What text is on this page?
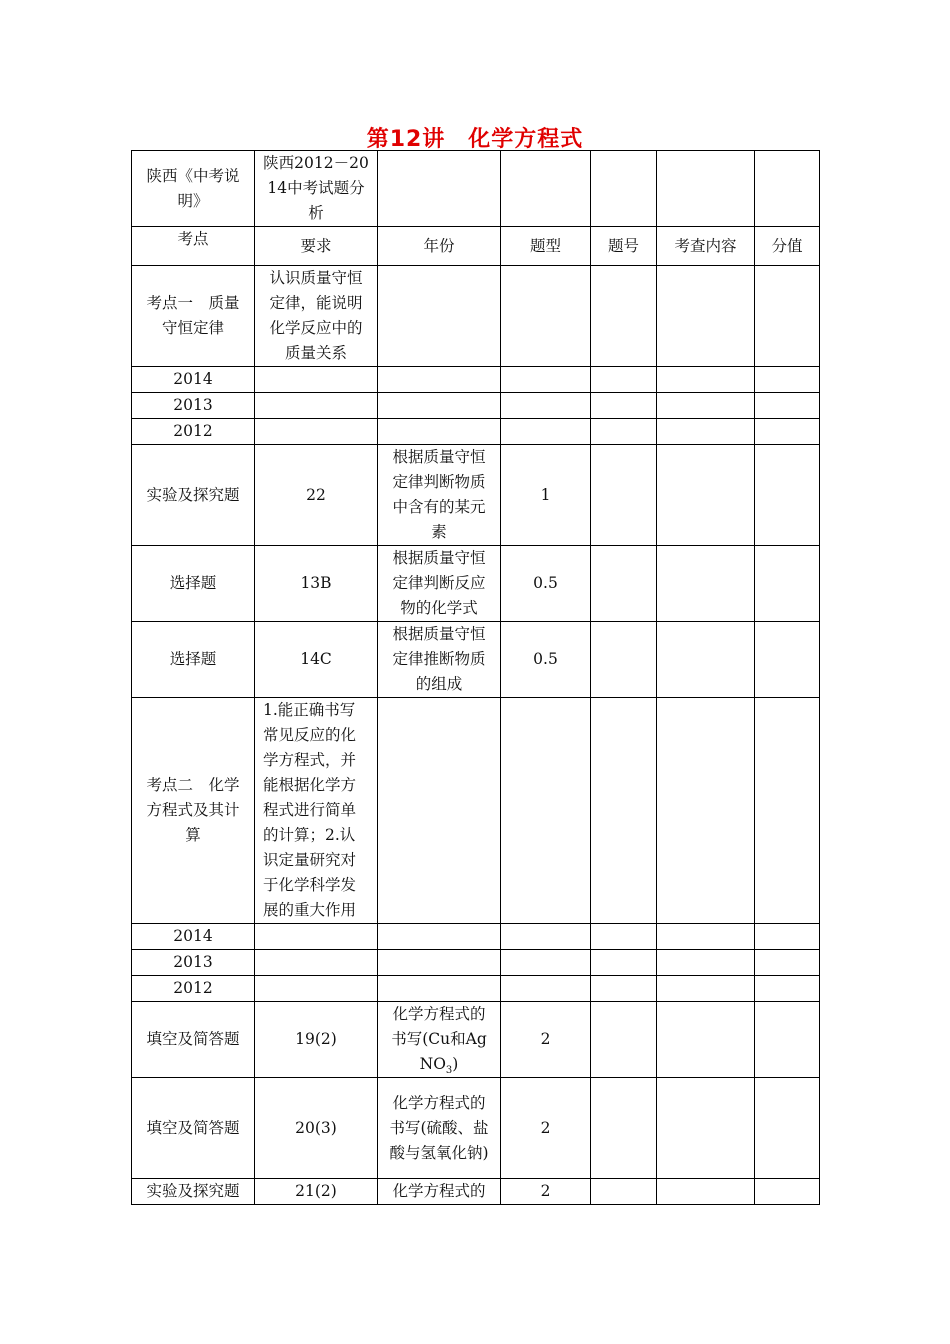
第12讲　化学方程式
陕西《中考说明》	陕西2012－2014中考试题分析					
考点	要求	年份	题型	题号	考查内容	分值
考点一　质量守恒定律	认识质量守恒定律，能说明化学反应中的质量关系					
2014						
2013						
2012						
实验及探究题	22	根据质量守恒定律判断物质中含有的某元素	1			
选择题	13B	根据质量守恒定律判断反应物的化学式	0.5			
选择题	14C	根据质量守恒定律推断物质的组成	0.5			
考点二　化学方程式及其计算	1.能正确书写常见反应的化学方程式，并能根据化学方程式进行简单的计算；2.认识定量研究对于化学科学发展的重大作用					
2014						
2013						
2012						
填空及简答题	19(2)	化学方程式的书写(Cu和AgNO$_3$)	2			
填空及简答题	20(3)	化学方程式的书写(硫酸、盐酸与氢氧化钠)	2			
实验及探究题	21(2)	化学方程式的	2			
